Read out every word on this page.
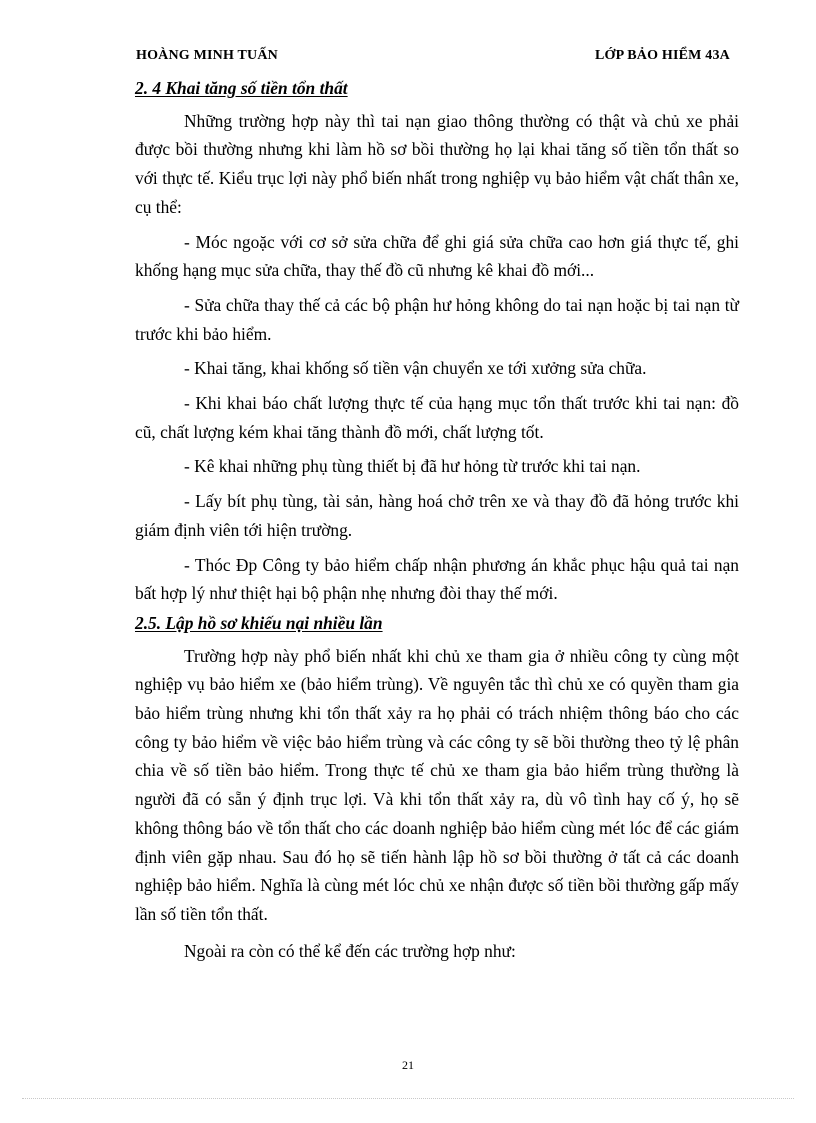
HOÀNG MINH TUẤN	LỚP BẢO HIỂM 43A

2. 4 Khai tăng số tiền tổn thất

Những trường hợp này thì tai nạn giao thông thường có thật và chủ xe phải được bồi thường nhưng khi làm hồ sơ bồi thường họ lại khai tăng số tiền tổn thất so với thực tế. Kiểu trục lợi này phổ biến nhất trong nghiệp vụ bảo hiểm vật chất thân xe, cụ thể:

- Móc ngoặc với cơ sở sửa chữa để ghi giá sửa chữa cao hơn giá thực tế, ghi khống hạng mục sửa chữa, thay thế đồ cũ nhưng kê khai đồ mới...

- Sửa chữa thay thế cả các bộ phận hư hỏng không do tai nạn hoặc bị tai nạn từ trước khi bảo hiểm.

- Khai tăng, khai khống số tiền vận chuyển xe tới xưởng sửa chữa.

- Khi khai báo chất lượng thực tế của hạng mục tổn thất trước khi tai nạn: đồ cũ, chất lượng kém khai tăng thành đồ mới, chất lượng tốt.

- Kê khai những phụ tùng thiết bị đã hư hỏng từ trước khi tai nạn.

- Lấy bít phụ tùng, tài sản, hàng hoá chở trên xe và thay đồ đã hỏng trước khi giám định viên tới hiện trường.

- Thóc Đp Công ty bảo hiểm chấp nhận phương án khắc phục hậu quả tai nạn bất hợp lý như thiệt hại bộ phận nhẹ nhưng đòi thay thế mới.

2.5. Lập hồ sơ khiếu nại nhiều lần

Trường hợp này phổ biến nhất khi chủ xe tham gia ở nhiều công ty cùng một nghiệp vụ bảo hiểm xe (bảo hiểm trùng). Về nguyên tắc thì chủ xe có quyền tham gia bảo hiểm trùng nhưng khi tổn thất xảy ra họ phải có trách nhiệm thông báo cho các công ty bảo hiểm về việc bảo hiểm trùng và các công ty sẽ bồi thường theo tỷ lệ phân chia về số tiền bảo hiểm. Trong thực tế chủ xe tham gia bảo hiểm trùng thường là người đã có sẵn ý định trục lợi. Và khi tổn thất xảy ra, dù vô tình hay cố ý, họ sẽ không thông báo về tổn thất cho các doanh nghiệp bảo hiểm cùng mét lóc để các giám định viên gặp nhau. Sau đó họ sẽ tiến hành lập hồ sơ bồi thường ở tất cả các doanh nghiệp bảo hiểm. Nghĩa là cùng mét lóc chủ xe nhận được số tiền bồi thường gấp mấy lần số tiền tổn thất.

Ngoài ra còn có thể kể đến các trường hợp như:

21
